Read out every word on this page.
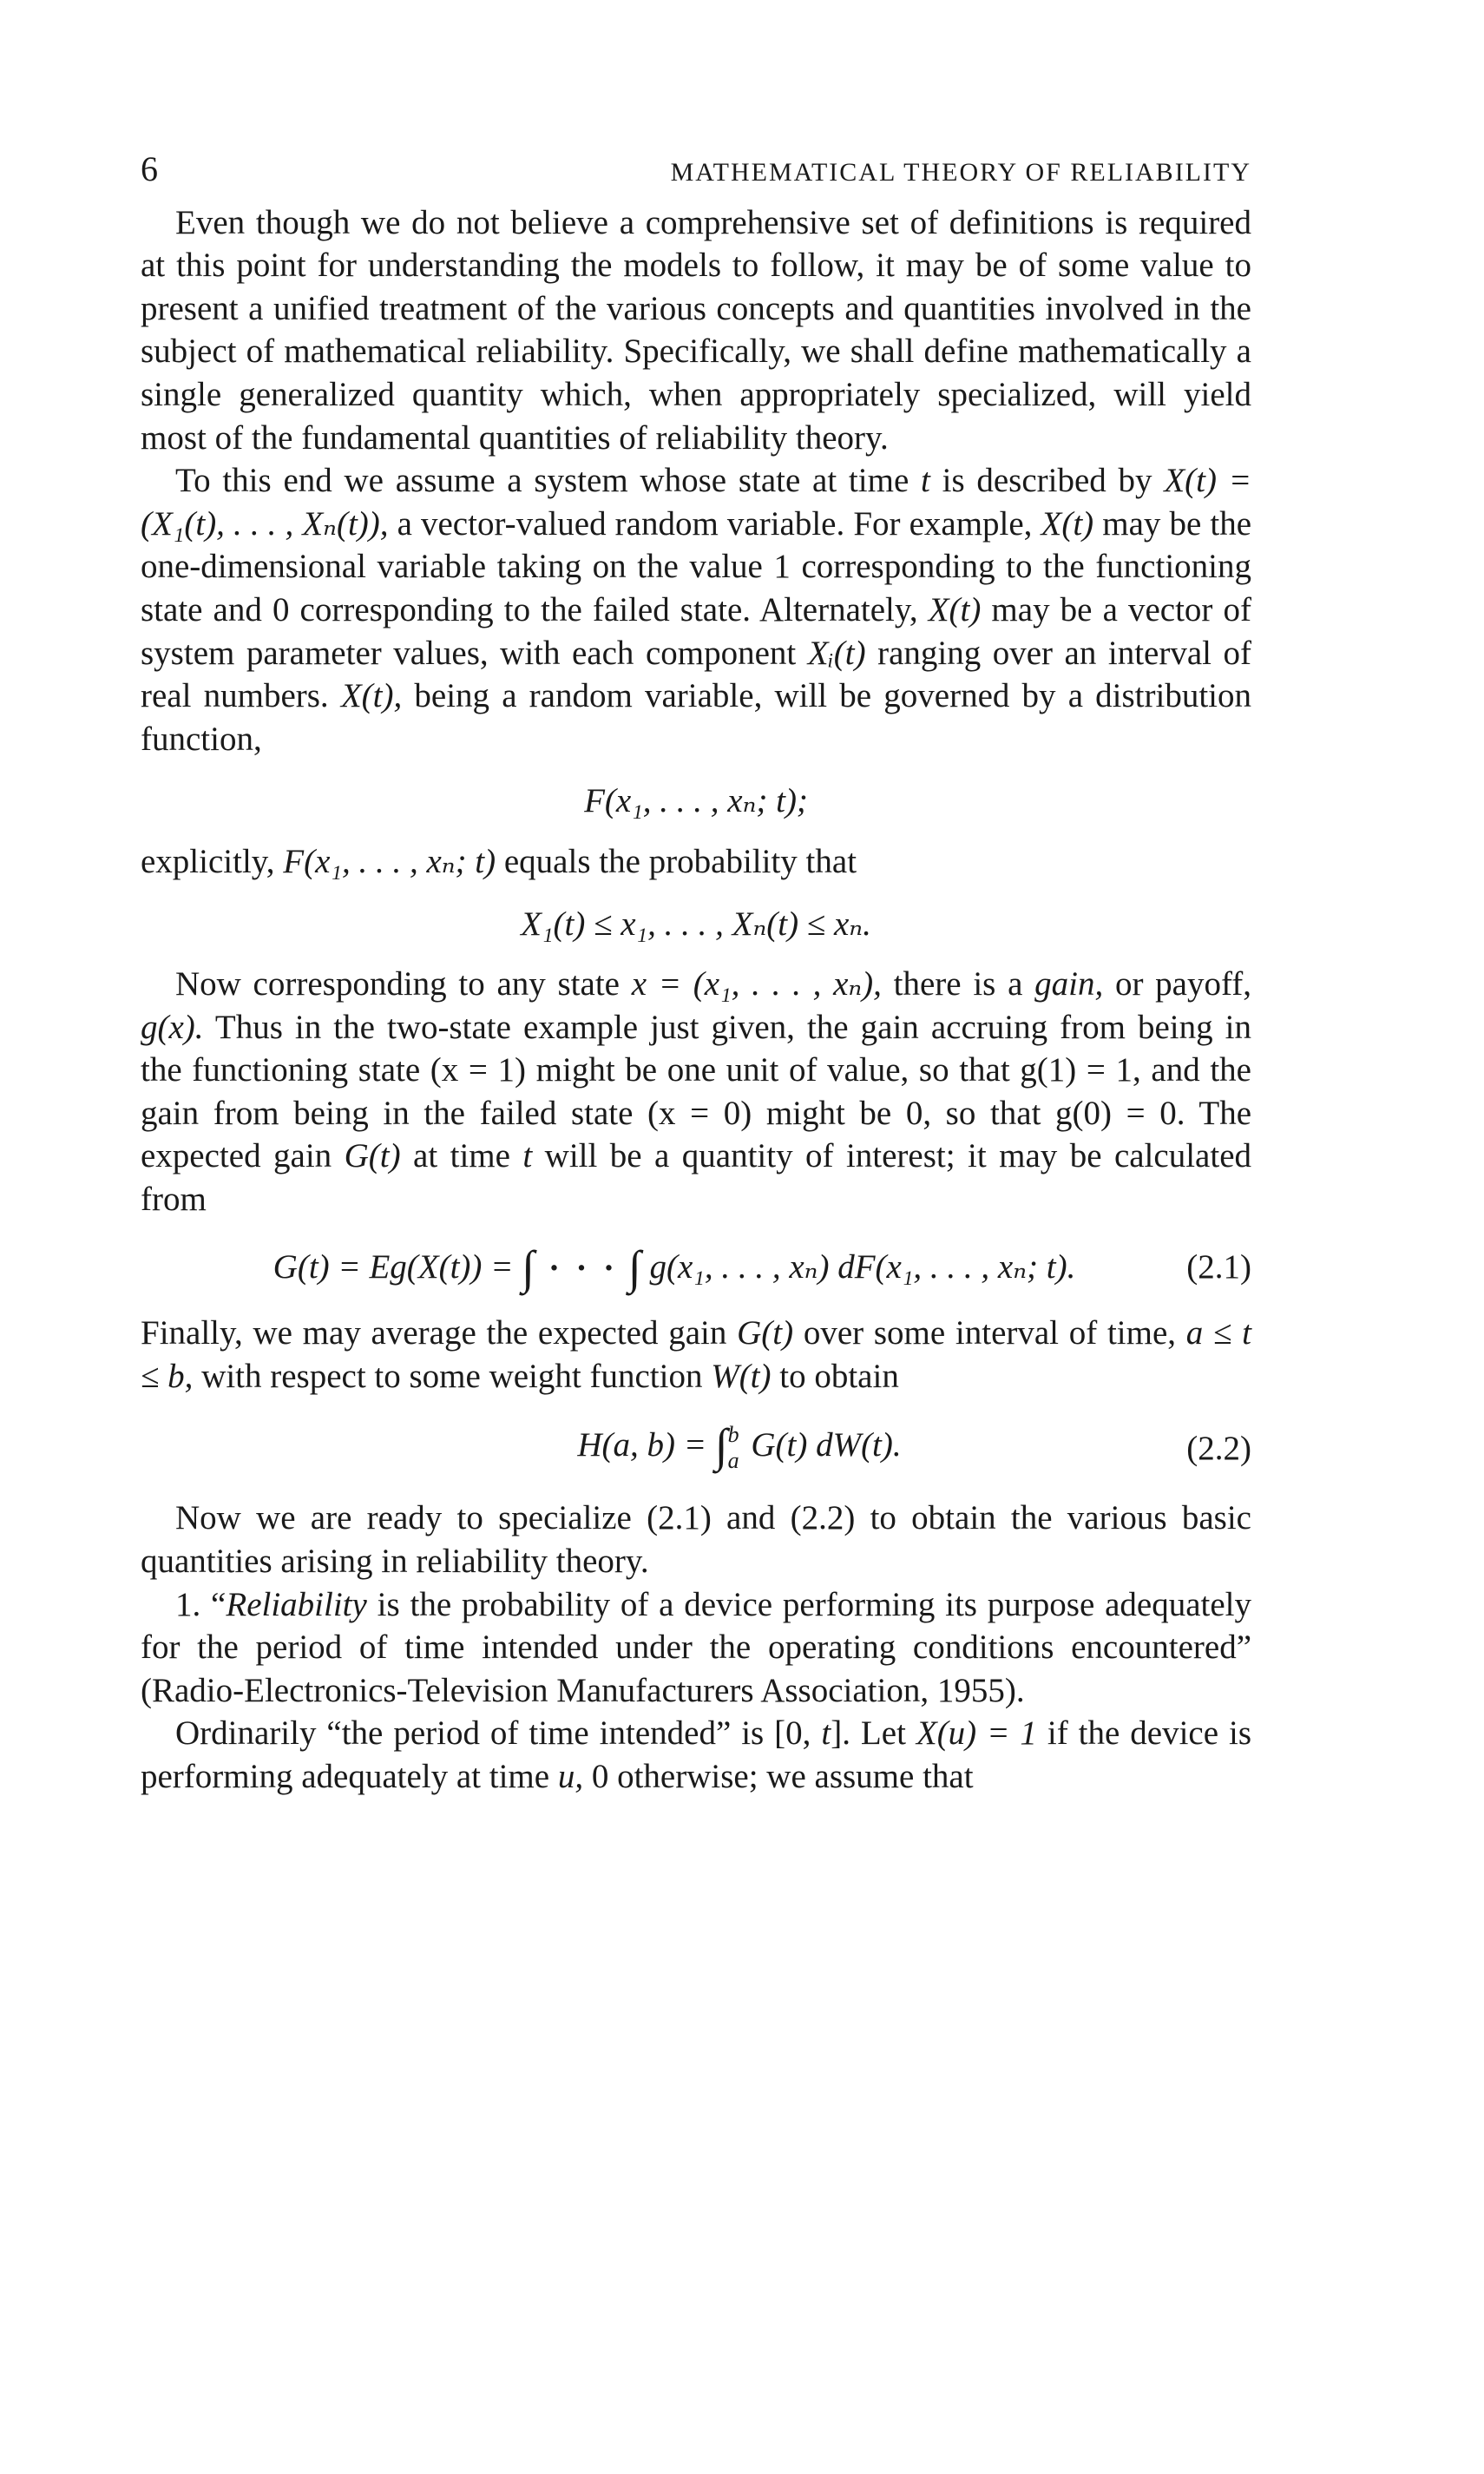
6	MATHEMATICAL THEORY OF RELIABILITY

Even though we do not believe a comprehensive set of definitions is required at this point for understanding the models to follow, it may be of some value to present a unified treatment of the various concepts and quantities involved in the subject of mathematical reliability. Specifically, we shall define mathematically a single generalized quantity which, when appropriately specialized, will yield most of the fundamental quantities of reliability theory.

To this end we assume a system whose state at time t is described by X(t) = (X₁(t), . . . , Xₙ(t)), a vector-valued random variable. For example, X(t) may be the one-dimensional variable taking on the value 1 corresponding to the functioning state and 0 corresponding to the failed state. Alternately, X(t) may be a vector of system parameter values, with each component Xᵢ(t) ranging over an interval of real numbers. X(t), being a random variable, will be governed by a distribution function,

F(x₁, . . . , xₙ; t);

explicitly, F(x₁, . . . , xₙ; t) equals the probability that

X₁(t) ≤ x₁, . . . , Xₙ(t) ≤ xₙ.

Now corresponding to any state x = (x₁, . . . , xₙ), there is a gain, or payoff, g(x). Thus in the two-state example just given, the gain accruing from being in the functioning state (x = 1) might be one unit of value, so that g(1) = 1, and the gain from being in the failed state (x = 0) might be 0, so that g(0) = 0. The expected gain G(t) at time t will be a quantity of interest; it may be calculated from

G(t) = Eg(X(t)) = ∫ · · · ∫ g(x₁, . . . , xₙ) dF(x₁, . . . , xₙ; t).	(2.1)

Finally, we may average the expected gain G(t) over some interval of time, a ≤ t ≤ b, with respect to some weight function W(t) to obtain

H(a, b) = ∫ b
a G(t) dW(t).	(2.2)

Now we are ready to specialize (2.1) and (2.2) to obtain the various basic quantities arising in reliability theory.

1. “Reliability is the probability of a device performing its purpose adequately for the period of time intended under the operating conditions encountered” (Radio-Electronics-Television Manufacturers Association, 1955).

Ordinarily “the period of time intended” is [0, t]. Let X(u) = 1 if the device is performing adequately at time u, 0 otherwise; we assume that
